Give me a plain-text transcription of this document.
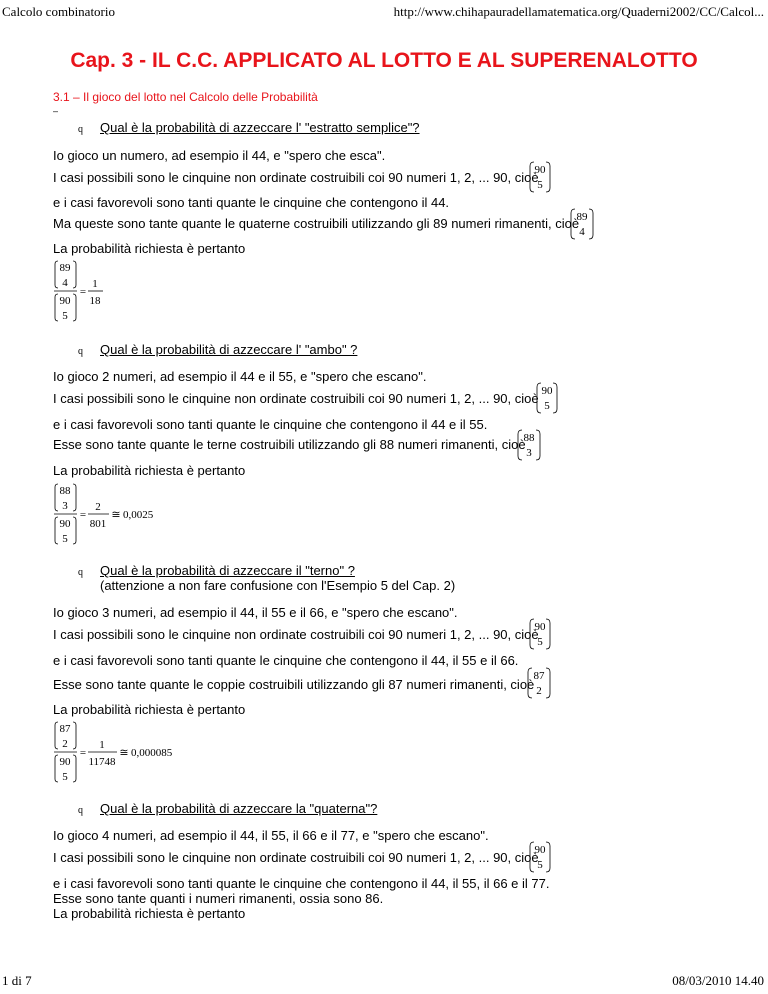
Calcolo combinatorio	http://www.chihapauradellamatematica.org/Quaderni2002/CC/Calcol...
Cap. 3 - IL C.C. APPLICATO AL LOTTO E AL SUPERENALOTTO
3.1 – Il gioco del lotto nel Calcolo delle Probabilità
–
q Qual è la probabilità di azzeccare l' "estratto semplice"?
Io gioco un numero, ad esempio il 44, e "spero che esca".
I casi possibili sono le cinquine non ordinate costruibili coi 90 numeri 1, 2, ... 90, cioè
90
5
e i casi favorevoli sono tanti quante le cinquine che contengono il 44.
Ma queste sono tante quante le quaterne costruibili utilizzando gli 89 numeri rimanenti, cioè
89
4
La probabilità richiesta è pertanto
89
4
90
5
=
1
18
q Qual è la probabilità di azzeccare l' "ambo" ?
Io gioco 2 numeri, ad esempio il 44 e il 55, e "spero che escano".
I casi possibili sono le cinquine non ordinate costruibili coi 90 numeri 1, 2, ... 90, cioè 90
5
e i casi favorevoli sono tanti quante le cinquine che contengono il 44 e il 55.
Esse sono tante quante le terne costruibili utilizzando gli 88 numeri rimanenti, cioè
88
3
La probabilità richiesta è pertanto
88
3
90
5
=
2
801
≅ 0,0025
q Qual è la probabilità di azzeccare il "terno" ?
(attenzione a non fare confusione con l'Esempio 5 del Cap. 2)
Io gioco 3 numeri, ad esempio il 44, il 55 e il 66, e "spero che escano".
I casi possibili sono le cinquine non ordinate costruibili coi 90 numeri 1, 2, ... 90, cioè
90
5
e i casi favorevoli sono tanti quante le cinquine che contengono il 44, il 55 e il 66.
Esse sono tante quante le coppie costruibili utilizzando gli 87 numeri rimanenti, cioè
87
2
La probabilità richiesta è pertanto
87
2
90
5
=
1
11748
≅ 0,000085
q Qual è la probabilità di azzeccare la "quaterna"?
Io gioco 4 numeri, ad esempio il 44, il 55, il 66 e il 77, e "spero che escano".
I casi possibili sono le cinquine non ordinate costruibili coi 90 numeri 1, 2, ... 90, cioè
90
5
e i casi favorevoli sono tanti quante le cinquine che contengono il 44, il 55, il 66 e il 77.
Esse sono tante quanti i numeri rimanenti, ossia sono 86.
La probabilità richiesta è pertanto
1 di 7	08/03/2010 14.40
